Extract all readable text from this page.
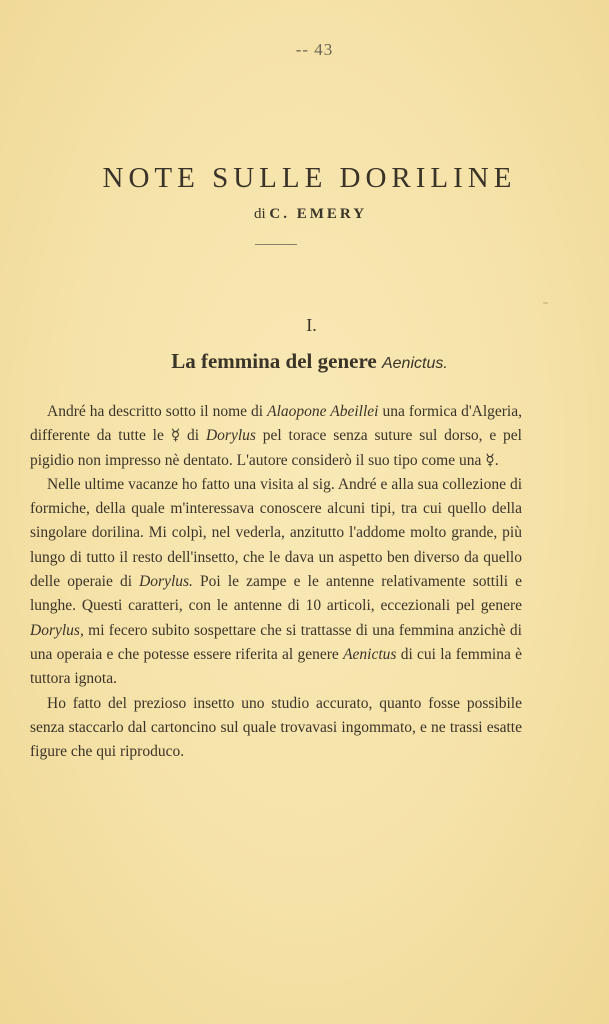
-- 43
NOTE SULLE DORILINE
di C. EMERY
I.
La femmina del genere Aenictus.

André ha descritto sotto il nome di Alaopone Abeillei una formica d'Algeria, differente da tutte le ☿ di Dorylus pel torace senza suture sul dorso, e pel pigidio non impresso nè dentato. L'autore considerò il suo tipo come una ☿.

Nelle ultime vacanze ho fatto una visita al sig. André e alla sua collezione di formiche, della quale m'interessava conoscere alcuni tipi, tra cui quello della singolare dorilina. Mi colpì, nel vederla, anzitutto l'addome molto grande, più lungo di tutto il resto dell'insetto, che le dava un aspetto ben diverso da quello delle operaie di Dorylus. Poi le zampe e le antenne relativamente sottili e lunghe. Questi caratteri, con le antenne di 10 articoli, eccezionali pel genere Dorylus, mi fecero subito sospettare che si trattasse di una femmina anzichè di una operaia e che potesse essere riferita al genere Aenictus di cui la femmina è tuttora ignota.

Ho fatto del prezioso insetto uno studio accurato, quanto fosse possibile senza staccarlo dal cartoncino sul quale trovavasi ingommato, e ne trassi esatte figure che qui riproduco.
